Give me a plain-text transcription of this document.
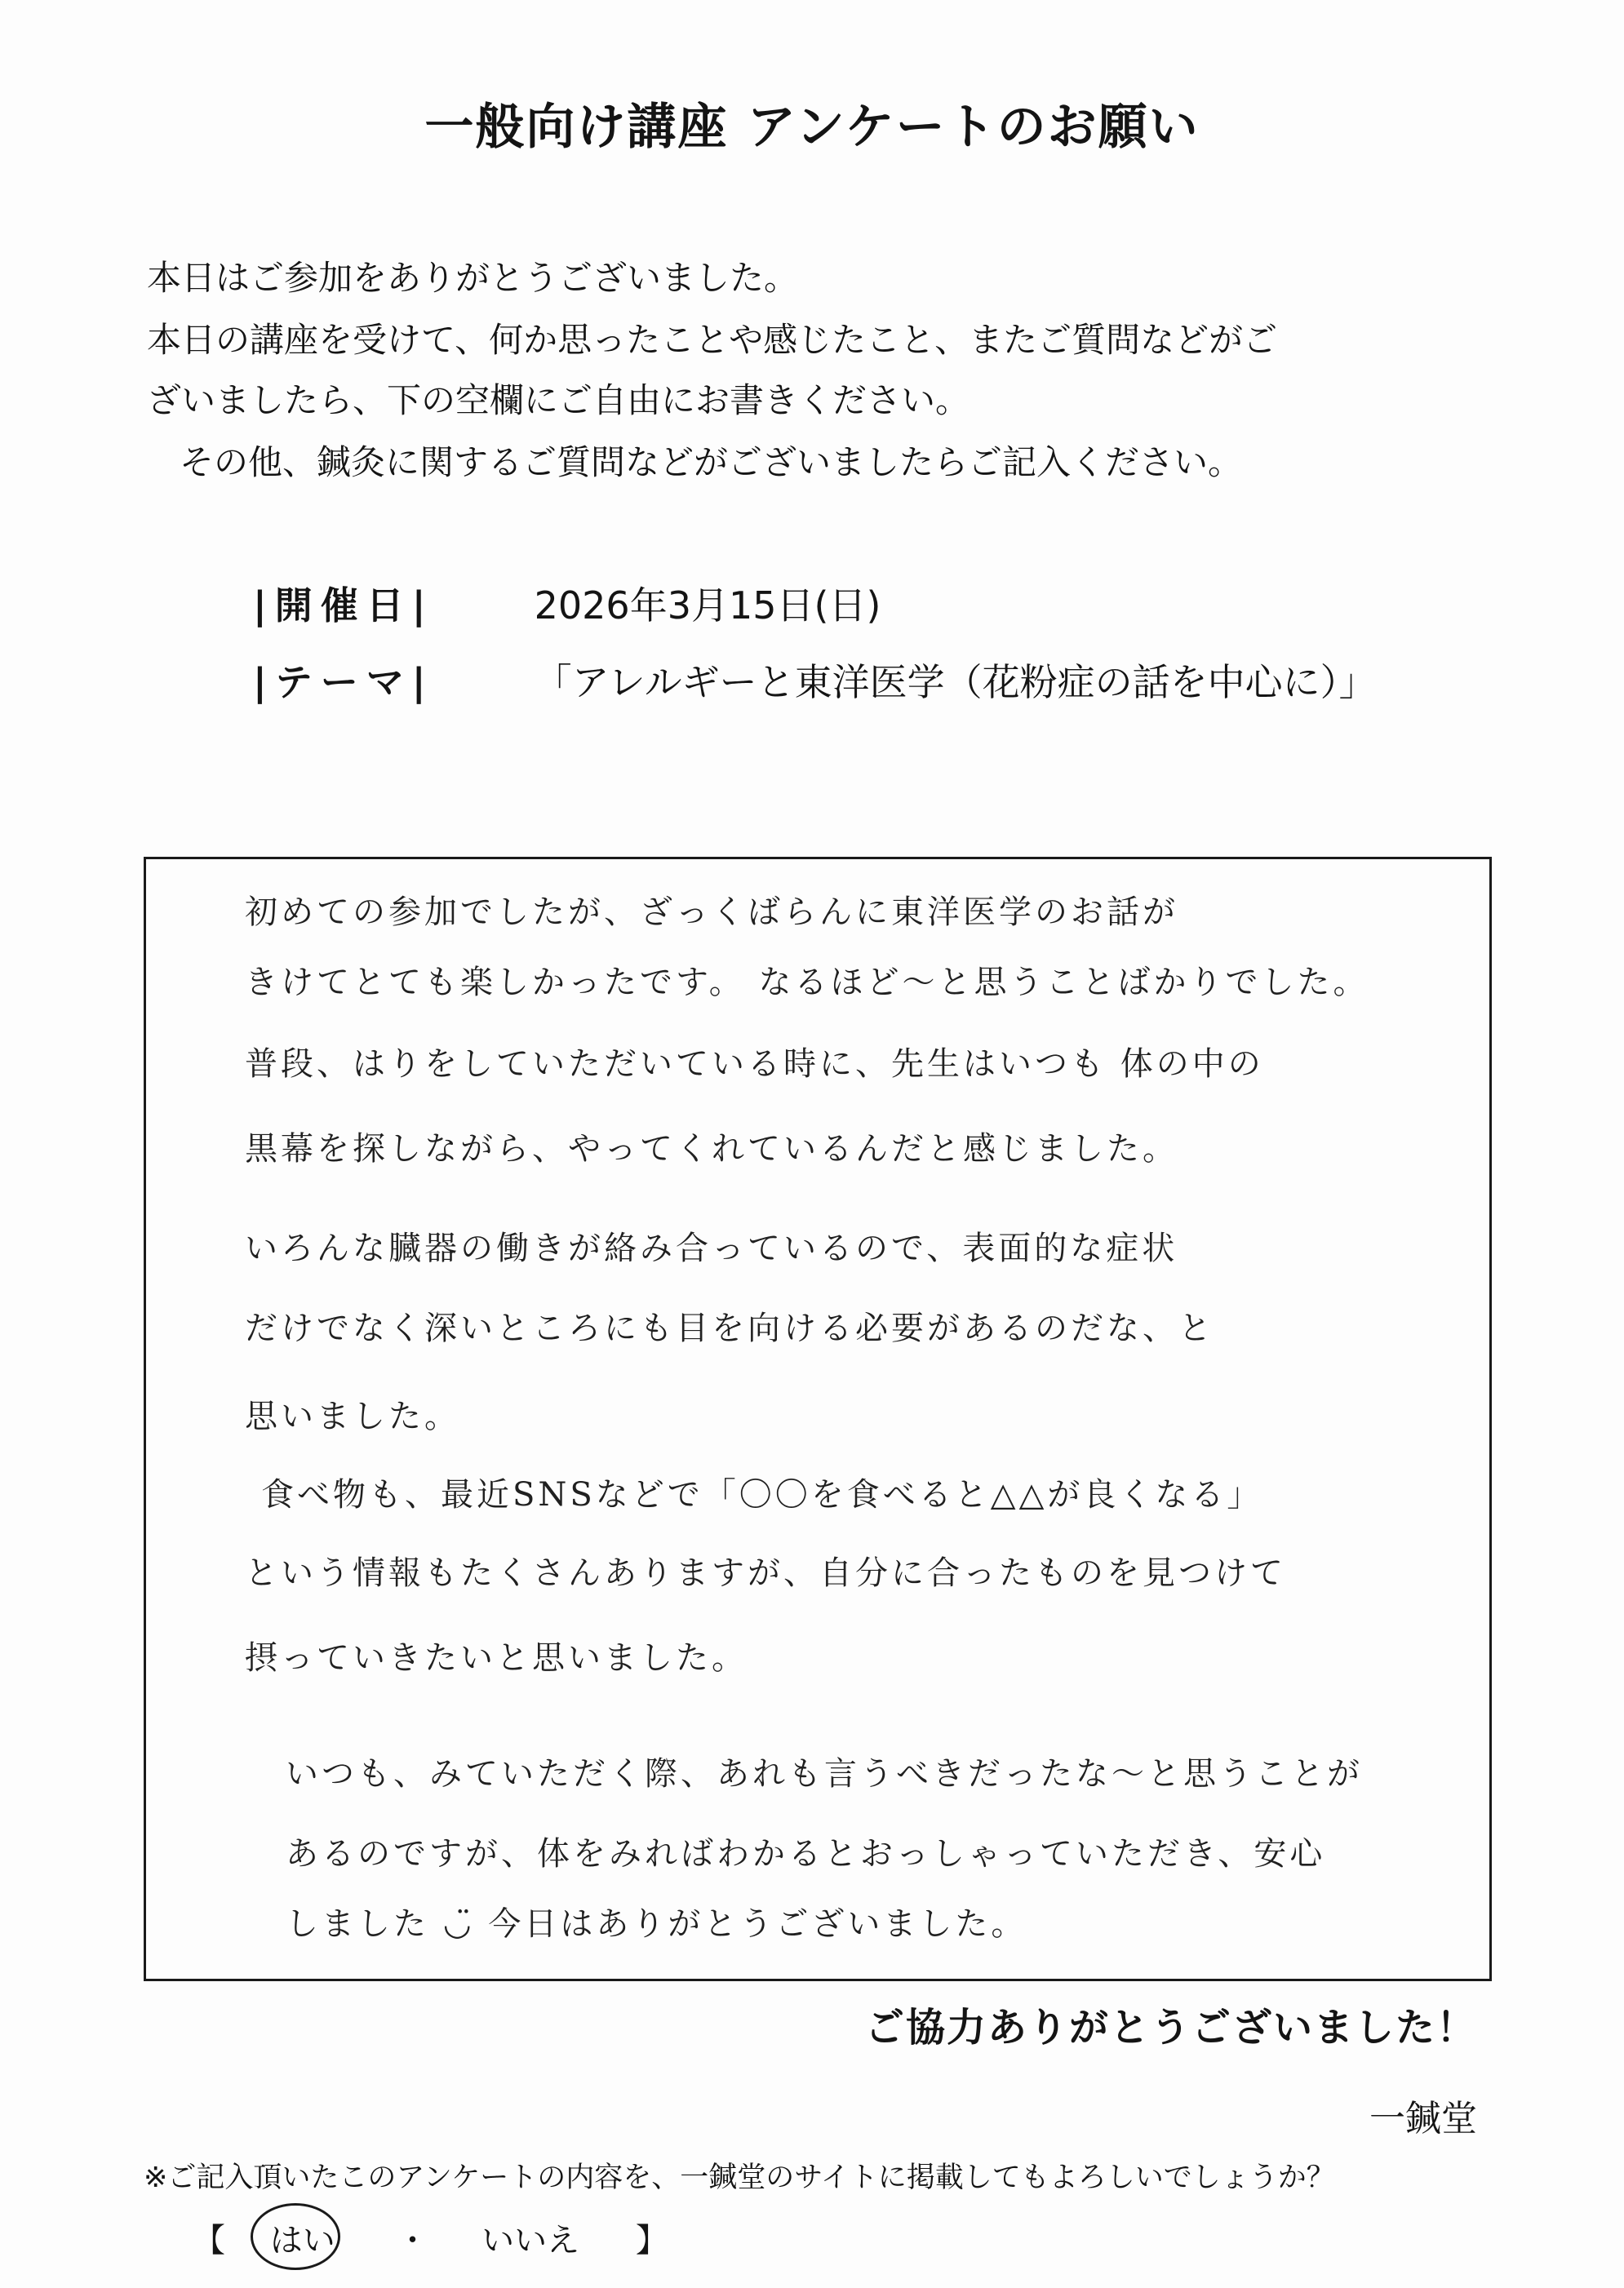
一般向け講座 アンケートのお願い
本日はご参加をありがとうございました。
本日の講座を受けて、何か思ったことや感じたこと、またご質問などがご
ざいましたら、下の空欄にご自由にお書きください。
その他、鍼灸に関するご質問などがございましたらご記入ください。
|開催日|	2026年3月15日(日)
|テーマ|	「アレルギーと東洋医学（花粉症の話を中心に）」
初めての参加でしたが、ざっくばらんに東洋医学のお話が
きけてとても楽しかったです。 なるほど〜と思うことばかりでした。
普段、はりをしていただいている時に、先生はいつも 体の中の
黒幕を探しながら、やってくれているんだと感じました。
いろんな臓器の働きが絡み合っているので、表面的な症状
だけでなく深いところにも目を向ける必要があるのだな、と
思いました。
食べ物も、最近SNSなどで「〇〇を食べると△△が良くなる」
という情報もたくさんありますが、自分に合ったものを見つけて
摂っていきたいと思いました。
いつも、みていただく際、あれも言うべきだったな〜と思うことが
あるのですが、体をみればわかるとおっしゃっていただき、安心
しました ◡̈ 今日はありがとうございました。
ご協力ありがとうございました！
一鍼堂
※ご記入頂いたこのアンケートの内容を、一鍼堂のサイトに掲載してもよろしいでしょうか？
【 はい ・ いいえ 】
